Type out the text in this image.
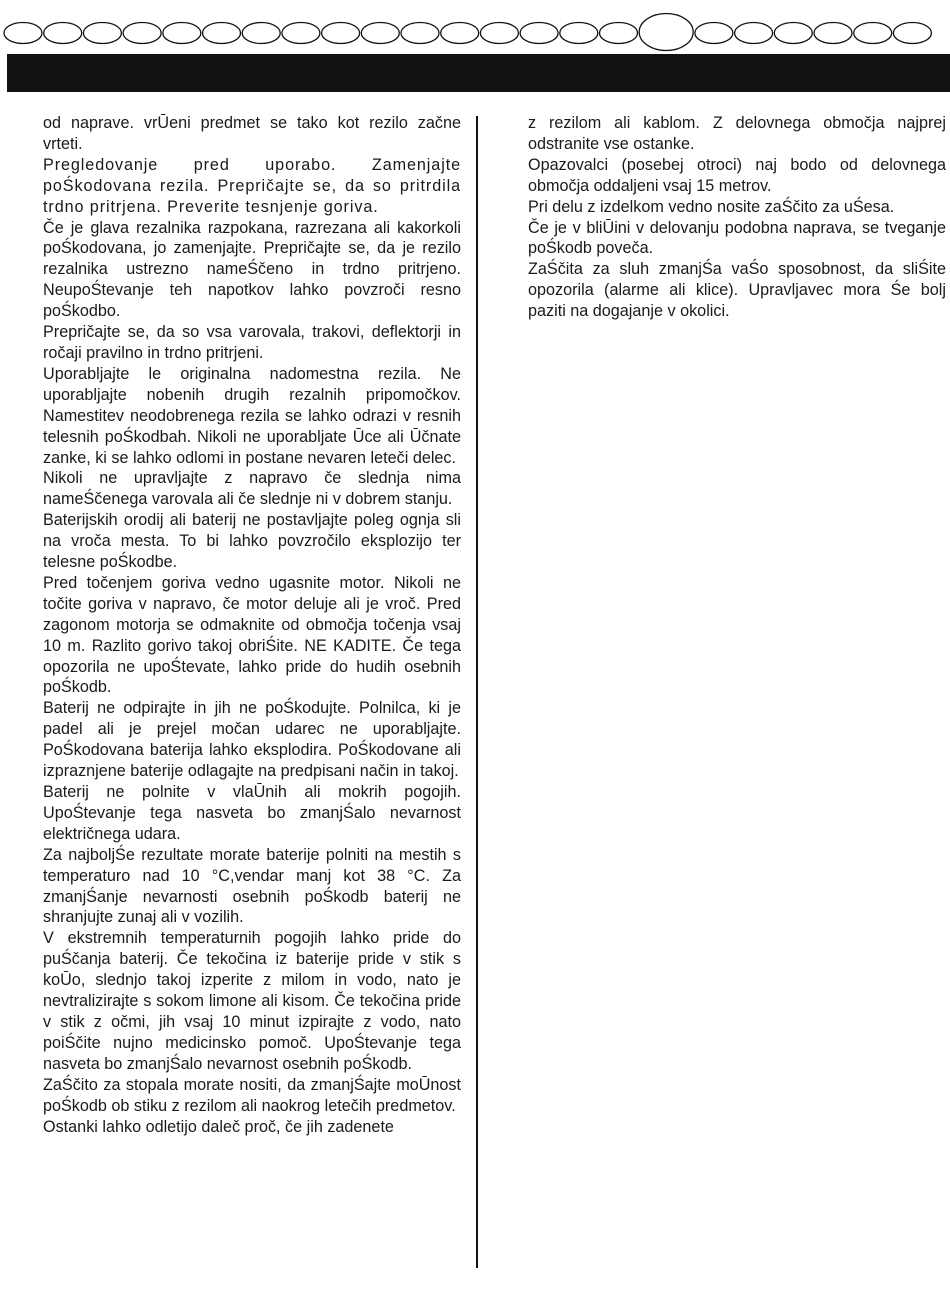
od naprave. vrŪeni predmet se tako kot rezilo začne vrteti.

Pregledovanje pred uporabo. Zamenjajte poŚkodovana rezila. Prepričajte se, da so pritrdila trdno pritrjena. Preverite tesnjenje goriva.

Če je glava rezalnika razpokana, razrezana ali kakorkoli poŚkodovana, jo zamenjajte. Prepričajte se, da je rezilo rezalnika ustrezno nameŚčeno in trdno pritrjeno. NeupoŚtevanje teh napotkov lahko povzroči resno poŚkodbo.

Prepričajte se, da so vsa varovala, trakovi, deflektorji in ročaji pravilno in trdno pritrjeni.

Uporabljajte le originalna nadomestna rezila. Ne uporabljajte nobenih drugih rezalnih pripomočkov. Namestitev neodobrenega rezila se lahko odrazi v resnih telesnih poŚkodbah. Nikoli ne uporabljate Ūce ali Ūčnate zanke, ki se lahko odlomi in postane nevaren leteči delec.

Nikoli ne upravljajte z napravo če slednja nima nameŚčenega varovala ali če slednje ni v dobrem stanju.

Baterijskih orodij ali baterij ne postavljajte poleg ognja sli na vroča mesta. To bi lahko povzročilo eksplozijo ter telesne poŚkodbe.

Pred točenjem goriva vedno ugasnite motor. Nikoli ne točite goriva v napravo, če motor deluje ali je vroč. Pred zagonom motorja se odmaknite od območja točenja vsaj 10 m. Razlito gorivo takoj obriŚite. NE KADITE. Če tega opozorila ne upoŚtevate, lahko pride do hudih osebnih poŚkodb.

Baterij ne odpirajte in jih ne poŚkodujte. Polnilca, ki je padel ali je prejel močan udarec ne uporabljajte. PoŚkodovana baterija lahko eksplodira. PoŚkodovane ali izpraznjene baterije odlagajte na predpisani način in takoj.

Baterij ne polnite v vlaŪnih ali mokrih pogojih. UpoŚtevanje tega nasveta bo zmanjŚalo nevarnost električnega udara.

Za najboljŚe rezultate morate baterije polniti na mestih s temperaturo nad 10 °C,vendar manj kot 38 °C. Za zmanjŚanje nevarnosti osebnih poŚkodb baterij ne shranjujte zunaj ali v vozilih.

V ekstremnih temperaturnih pogojih lahko pride do puŚčanja baterij. Če tekočina iz baterije pride v stik s koŪo, slednjo takoj izperite z milom in vodo, nato je nevtralizirajte s sokom limone ali kisom. Če tekočina pride v stik z očmi, jih vsaj 10 minut izpirajte z vodo, nato poiŚčite nujno medicinsko pomoč. UpoŚtevanje tega nasveta bo zmanjŚalo nevarnost osebnih poŚkodb.

ZaŚčito za stopala morate nositi, da zmanjŚajte moŪnost poŚkodb ob stiku z rezilom ali naokrog letečih predmetov.

Ostanki lahko odletijo daleč proč, če jih zadenete

z rezilom ali kablom. Z delovnega območja najprej odstranite vse ostanke.

Opazovalci (posebej otroci) naj bodo od delovnega območja oddaljeni vsaj 15 metrov.

Pri delu z izdelkom vedno nosite zaŚčito za uŚesa.

Če je v bliŪini v delovanju podobna naprava, se tveganje poŚkodb poveča.

ZaŚčita za sluh zmanjŚa vaŚo sposobnost, da sliŚite opozorila (alarme ali klice). Upravljavec mora Śe bolj paziti na dogajanje v okolici.
